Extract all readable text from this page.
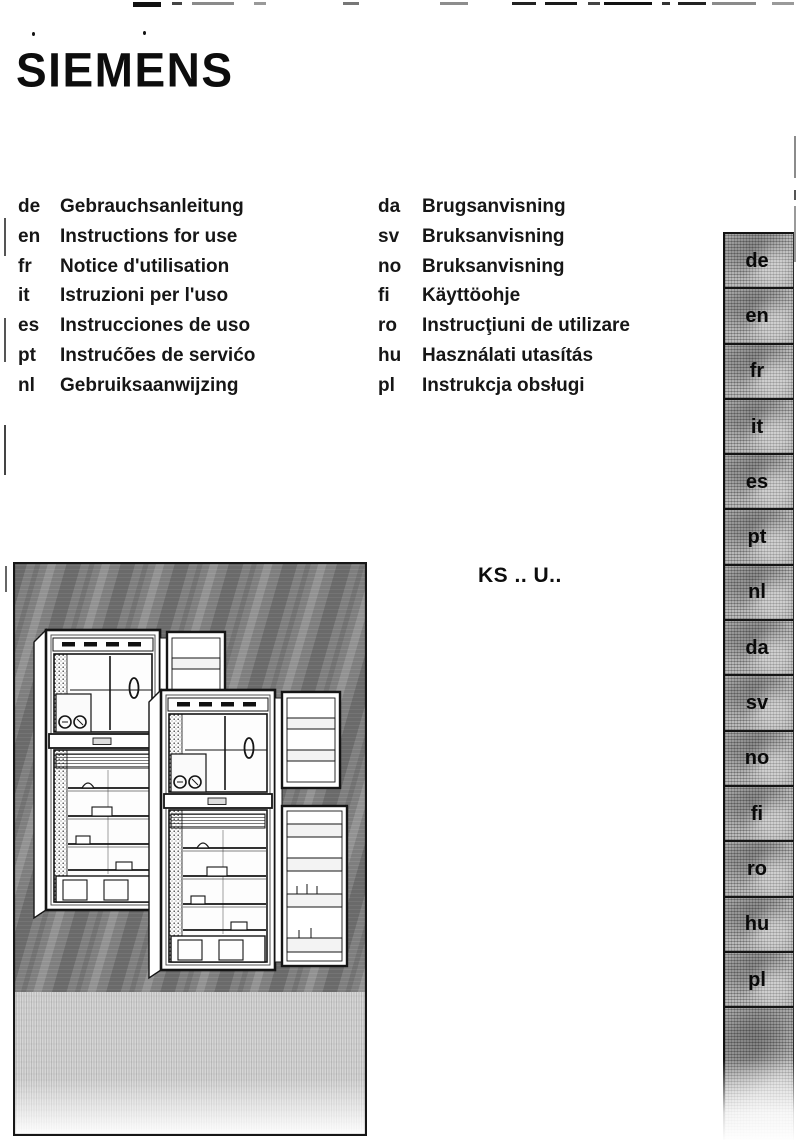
SIEMENS
de	Gebrauchsanleitung
en	Instructions for use
fr	Notice d'utilisation
it	Istruzioni per l'uso
es	Instrucciones de uso
pt	Instrućões de servićo
nl	Gebruiksaanwijzing
da	Brugsanvisning
sv	Bruksanvisning
no	Bruksanvisning
fi	Käyttöohje
ro	Instrucţiuni de utilizare
hu	Használati utasítás
pl	Instrukcja obsługi
KS .. U..
de
en
fr
it
es
pt
nl
da
sv
no
fi
ro
hu
pl
